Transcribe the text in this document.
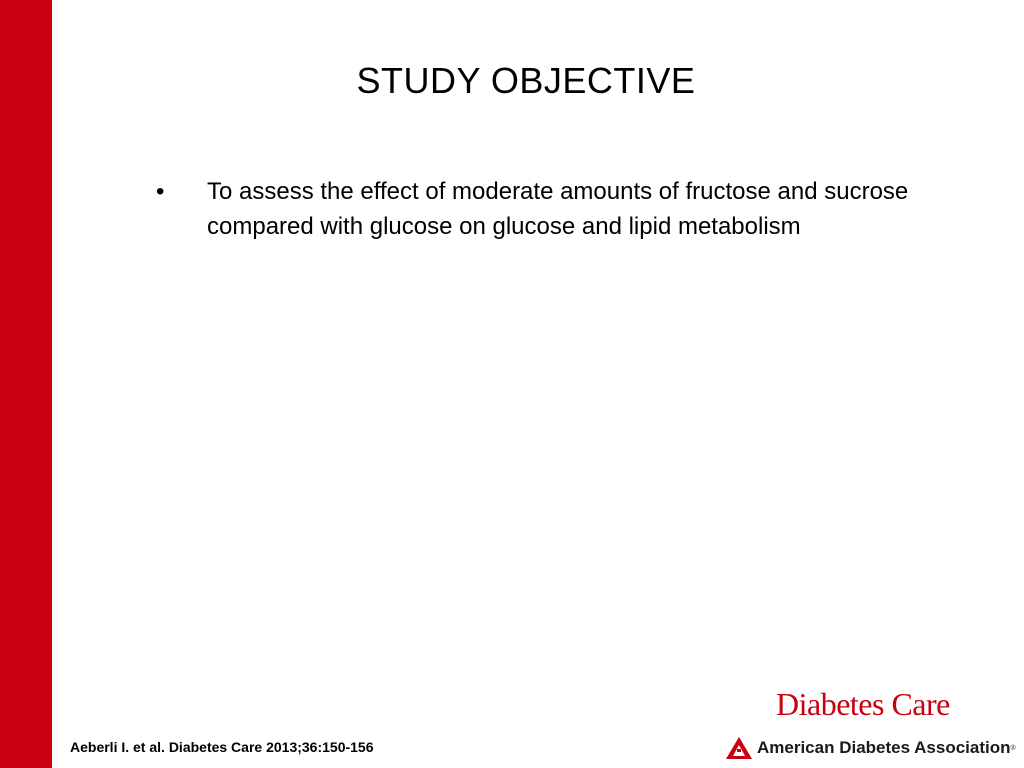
STUDY OBJECTIVE
• To assess the effect of moderate amounts of fructose and sucrose compared with glucose on glucose and lipid metabolism
Aeberli I. et al. Diabetes Care 2013;36:150-156
Diabetes Care
American Diabetes Association ®
